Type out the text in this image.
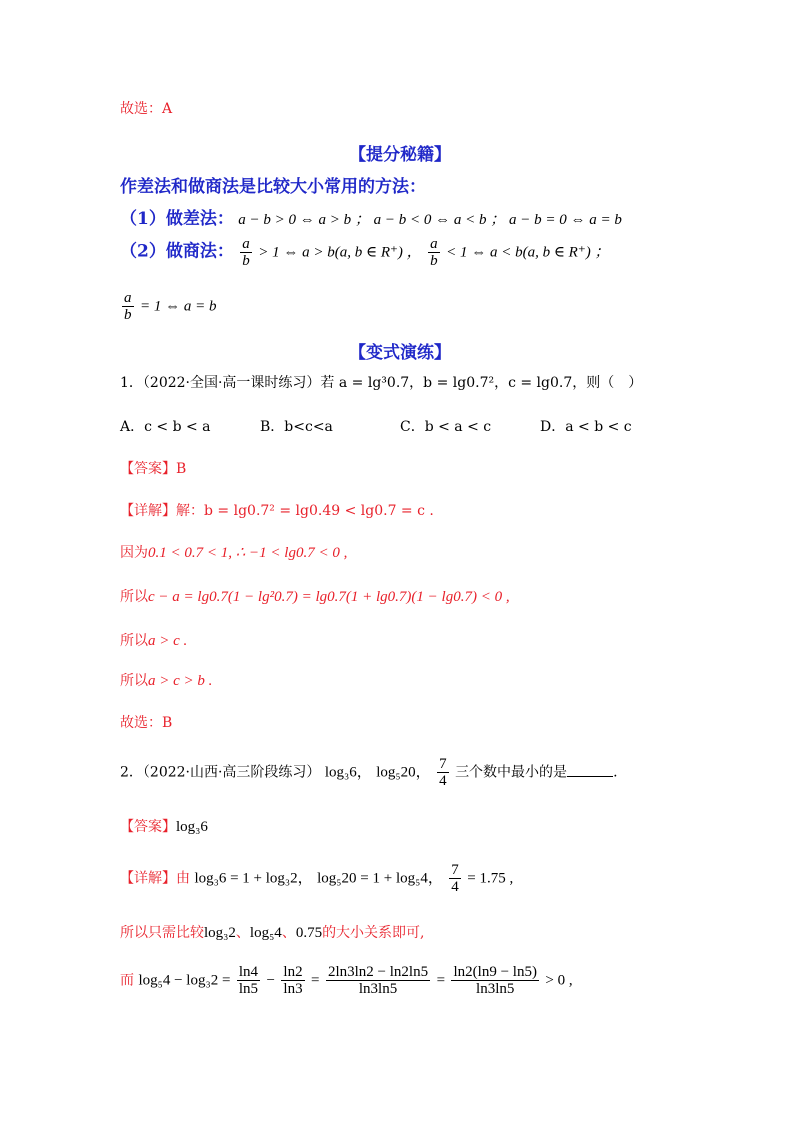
故选：A
【提分秘籍】
作差法和做商法是比较大小常用的方法：
（1）做差法： a − b > 0 ⇔ a > b ； a − b < 0 ⇔ a < b ； a − b = 0 ⇔ a = b
（2）做商法： $\frac{a}{b} > 1$ ⇔ a > b(a, b ∈ R⁺) ， $\frac{a}{b} < 1$ ⇔ a < b(a, b ∈ R⁺) ；
$\frac{a}{b} = 1$ ⇔ a = b
【变式演练】
1．（2022·全国·高一课时练习）若 a = lg³0.7，b = lg0.7²，c = lg0.7，则（　）
A．c < b < a	B．b<c<a	C．b < a < c	D．a < b < c
【答案】B
【详解】解：b = lg0.7² = lg0.49 < lg0.7 = c .
因为0.1 < 0.7 < 1, ∴ −1 < lg0.7 < 0 ,
所以c − a = lg0.7(1 − lg²0.7) = lg0.7(1 + lg0.7)(1 − lg0.7) < 0 ,
所以a > c .
所以a > c > b .
故选：B
2．（2022·山西·高三阶段练习） log₃6， log₅20， $\frac{7}{4}$ 三个数中最小的是	.
【答案】log₃6
【详解】由 log₃6 = 1 + log₃2， log₅20 = 1 + log₅4， $\frac{7}{4} = 1.75$ ,
所以只需比较log₃2、log₅4、0.75的大小关系即可,
而 $\log_54 - \log_32 = \frac{\ln 4}{\ln 5} - \frac{\ln 2}{\ln 3} = \frac{2\ln 3\ln 2 - \ln 2\ln 5}{\ln 3\ln 5} = \frac{\ln 2(\ln 9 - \ln 5)}{\ln 3\ln 5} > 0$ ,
